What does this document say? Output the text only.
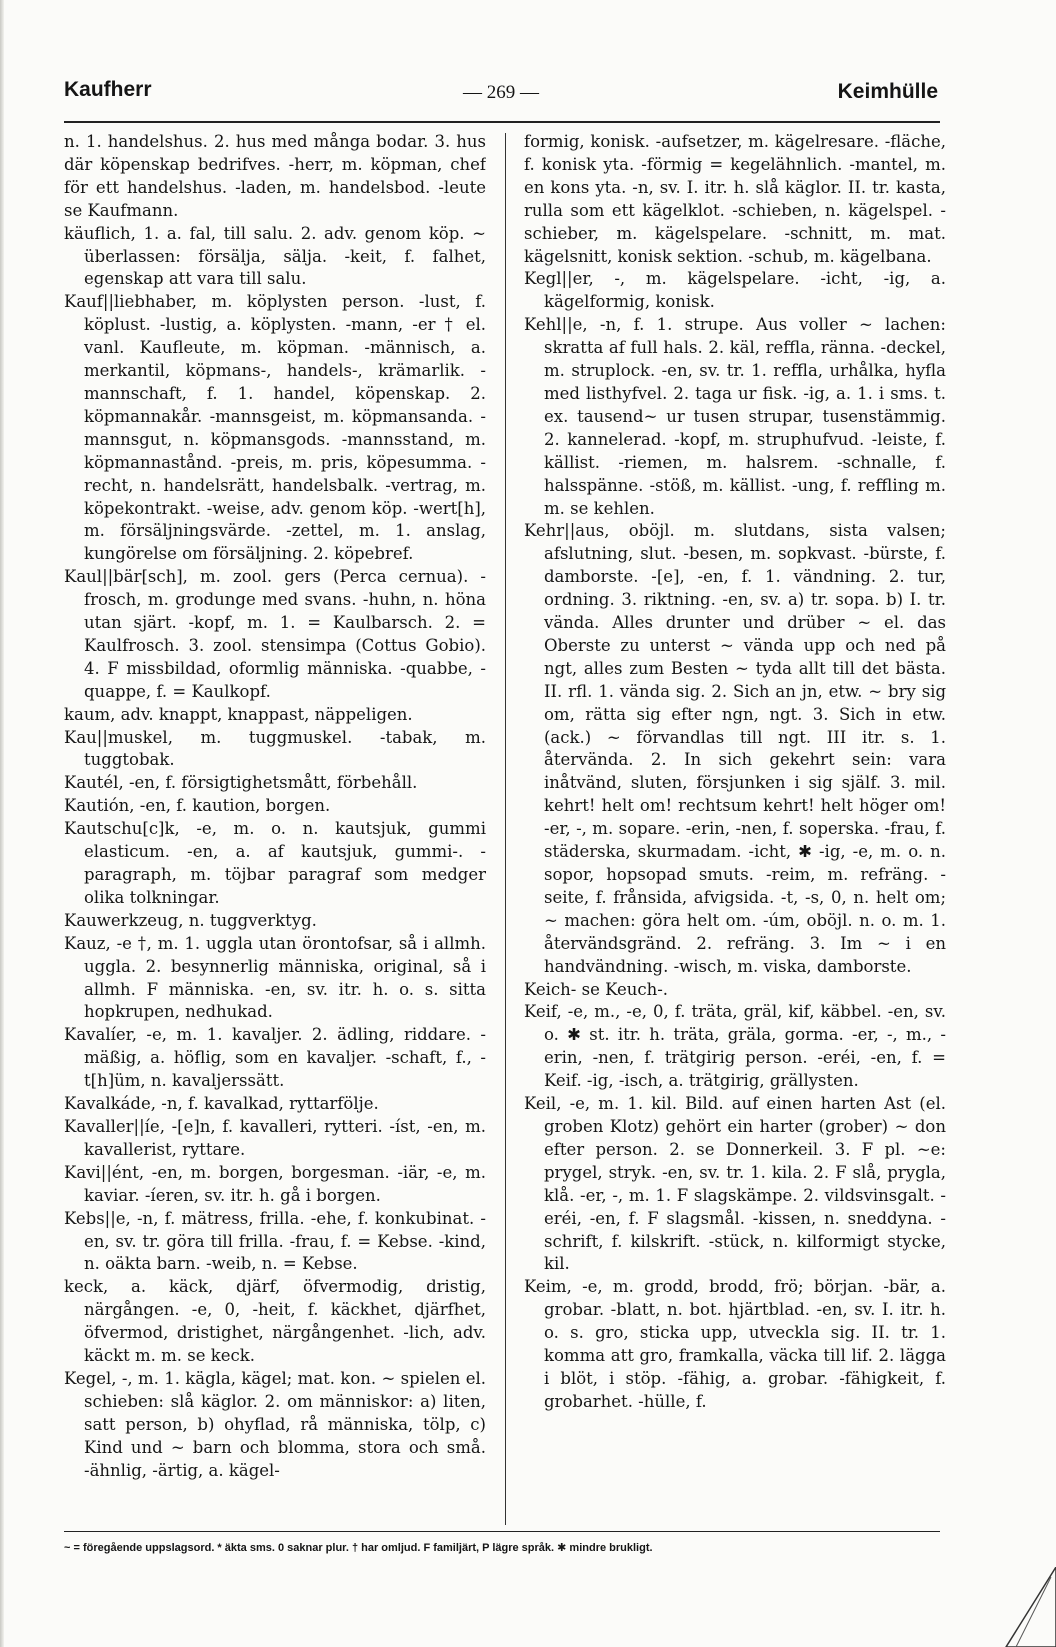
Kaufherr	— 269 —	Keimhülle

n. 1. handelshus. 2. hus med många bodar. 3. hus där köpenskap bedrifves. -herr, m. köpman, chef för ett handelshus. -laden, m. handelsbod. -leute se Kaufmann.

käuflich, 1. a. fal, till salu. 2. adv. genom köp. ~ überlassen: försälja, sälja. -keit, f. falhet, egenskap att vara till salu.

Kauf||liebhaber, m. köplysten person. -lust, f. köplust. -lustig, a. köplysten. -mann, -er † el. vanl. Kaufleute, m. köpman. -männisch, a. merkantil, köpmans-, handels-, krämarlik. -mannschaft, f. 1. handel, köpenskap. 2. köpmannakår. -mannsgeist, m. köpmansanda. -mannsgut, n. köpmansgods. -mannsstand, m. köpmannastånd. -preis, m. pris, köpesumma. -recht, n. handelsrätt, handelsbalk. -vertrag, m. köpekontrakt. -weise, adv. genom köp. -wert[h], m. försäljningsvärde. -zettel, m. 1. anslag, kungörelse om försäljning. 2. köpebref.

Kaul||bär[sch], m. zool. gers (Perca cernua). -frosch, m. grodunge med svans. -huhn, n. höna utan sjärt. -kopf, m. 1. = Kaulbarsch. 2. = Kaulfrosch. 3. zool. stensimpa (Cottus Gobio). 4. F missbildad, oformlig människa. -quabbe, -quappe, f. = Kaulkopf.

kaum, adv. knappt, knappast, näppeligen.

Kau||muskel, m. tuggmuskel. -tabak, m. tuggtobak.

Kautél, -en, f. försigtighetsmått, förbehåll.

Kautión, -en, f. kaution, borgen.

Kautschu[c]k, -e, m. o. n. kautsjuk, gummi elasticum. -en, a. af kautsjuk, gummi-. -paragraph, m. töjbar paragraf som medger olika tolkningar.

Kauwerkzeug, n. tuggverktyg.

Kauz, -e †, m. 1. uggla utan örontofsar, så i allmh. uggla. 2. besynnerlig människa, original, så i allmh. F människa. -en, sv. itr. h. o. s. sitta hopkrupen, nedhukad.

Kavalíer, -e, m. 1. kavaljer. 2. ädling, riddare. -mäßig, a. höflig, som en kavaljer. -schaft, f., -t[h]üm, n. kavaljerssätt.

Kavalkáde, -n, f. kavalkad, ryttarfölje.

Kavaller||íe, -[e]n, f. kavalleri, rytteri. -íst, -en, m. kavallerist, ryttare.

Kavi||ént, -en, m. borgen, borgesman. -iär, -e, m. kaviar. -íeren, sv. itr. h. gå i borgen.

Kebs||e, -n, f. mätress, frilla. -ehe, f. konkubinat. -en, sv. tr. göra till frilla. -frau, f. = Kebse. -kind, n. oäkta barn. -weib, n. = Kebse.

keck, a. käck, djärf, öfvermodig, dristig, närgången. -e, 0, -heit, f. käckhet, djärfhet, öfvermod, dristighet, närgångenhet. -lich, adv. käckt m. m. se keck.

Kegel, -, m. 1. kägla, kägel; mat. kon. ~ spielen el. schieben: slå käglor. 2. om människor: a) liten, satt person, b) ohyflad, rå människa, tölp, c) Kind und ~ barn och blomma, stora och små. -ähnlig, -ärtig, a. kägel-

formig, konisk. -aufsetzer, m. kägelresare. -fläche, f. konisk yta. -förmig = kegelähnlich. -mantel, m. en kons yta. -n, sv. I. itr. h. slå käglor. II. tr. kasta, rulla som ett kägelklot. -schieben, n. kägelspel. -schieber, m. kägelspelare. -schnitt, m. mat. kägelsnitt, konisk sektion. -schub, m. kägelbana.

Kegl||er, -, m. kägelspelare. -icht, -ig, a. kägelformig, konisk.

Kehl||e, -n, f. 1. strupe. Aus voller ~ lachen: skratta af full hals. 2. käl, reffla, ränna. -deckel, m. struplock. -en, sv. tr. 1. reffla, urhålka, hyfla med listhyfvel. 2. taga ur fisk. -ig, a. 1. i sms. t. ex. tausend~ ur tusen strupar, tusenstämmig. 2. kannelerad. -kopf, m. struphufvud. -leiste, f. källist. -riemen, m. halsrem. -schnalle, f. halsspänne. -stöß, m. källist. -ung, f. reffling m. m. se kehlen.

Kehr||aus, oböjl. m. slutdans, sista valsen; afslutning, slut. -besen, m. sopkvast. -bürste, f. damborste. -[e], -en, f. 1. vändning. 2. tur, ordning. 3. riktning. -en, sv. a) tr. sopa. b) I. tr. vända. Alles drunter und drüber ~ el. das Oberste zu unterst ~ vända upp och ned på ngt, alles zum Besten ~ tyda allt till det bästa. II. rfl. 1. vända sig. 2. Sich an jn, etw. ~ bry sig om, rätta sig efter ngn, ngt. 3. Sich in etw. (ack.) ~ förvandlas till ngt. III itr. s. 1. återvända. 2. In sich gekehrt sein: vara inåtvänd, sluten, försjunken i sig själf. 3. mil. kehrt! helt om! rechtsum kehrt! helt höger om! -er, -, m. sopare. -erin, -nen, f. soperska. -frau, f. städerska, skurmadam. -icht, ✱ -ig, -e, m. o. n. sopor, hopsopad smuts. -reim, m. refräng. -seite, f. frånsida, afvigsida. -t, -s, 0, n. helt om; ~ machen: göra helt om. -úm, oböjl. n. o. m. 1. återvändsgränd. 2. refräng. 3. Im ~ i en handvändning. -wisch, m. viska, damborste.

Keich- se Keuch-.

Keif, -e, m., -e, 0, f. träta, gräl, kif, käbbel. -en, sv. o. ✱ st. itr. h. träta, gräla, gorma. -er, -, m., -erin, -nen, f. trätgirig person. -eréi, -en, f. = Keif. -ig, -isch, a. trätgirig, grällysten.

Keil, -e, m. 1. kil. Bild. auf einen harten Ast (el. groben Klotz) gehört ein harter (grober) ~ don efter person. 2. se Donnerkeil. 3. F pl. ~e: prygel, stryk. -en, sv. tr. 1. kila. 2. F slå, prygla, klå. -er, -, m. 1. F slagskämpe. 2. vildsvinsgalt. -eréi, -en, f. F slagsmål. -kissen, n. sneddyna. -schrift, f. kilskrift. -stück, n. kilformigt stycke, kil.

Keim, -e, m. grodd, brodd, frö; början. -bär, a. grobar. -blatt, n. bot. hjärtblad. -en, sv. I. itr. h. o. s. gro, sticka upp, utveckla sig. II. tr. 1. komma att gro, framkalla, väcka till lif. 2. lägga i blöt, i stöp. -fähig, a. grobar. -fähigkeit, f. grobarhet. -hülle, f.

~ = föregående uppslagsord. * äkta sms. 0 saknar plur. † har omljud. F familjärt, P lägre språk. ✱ mindre brukligt.
